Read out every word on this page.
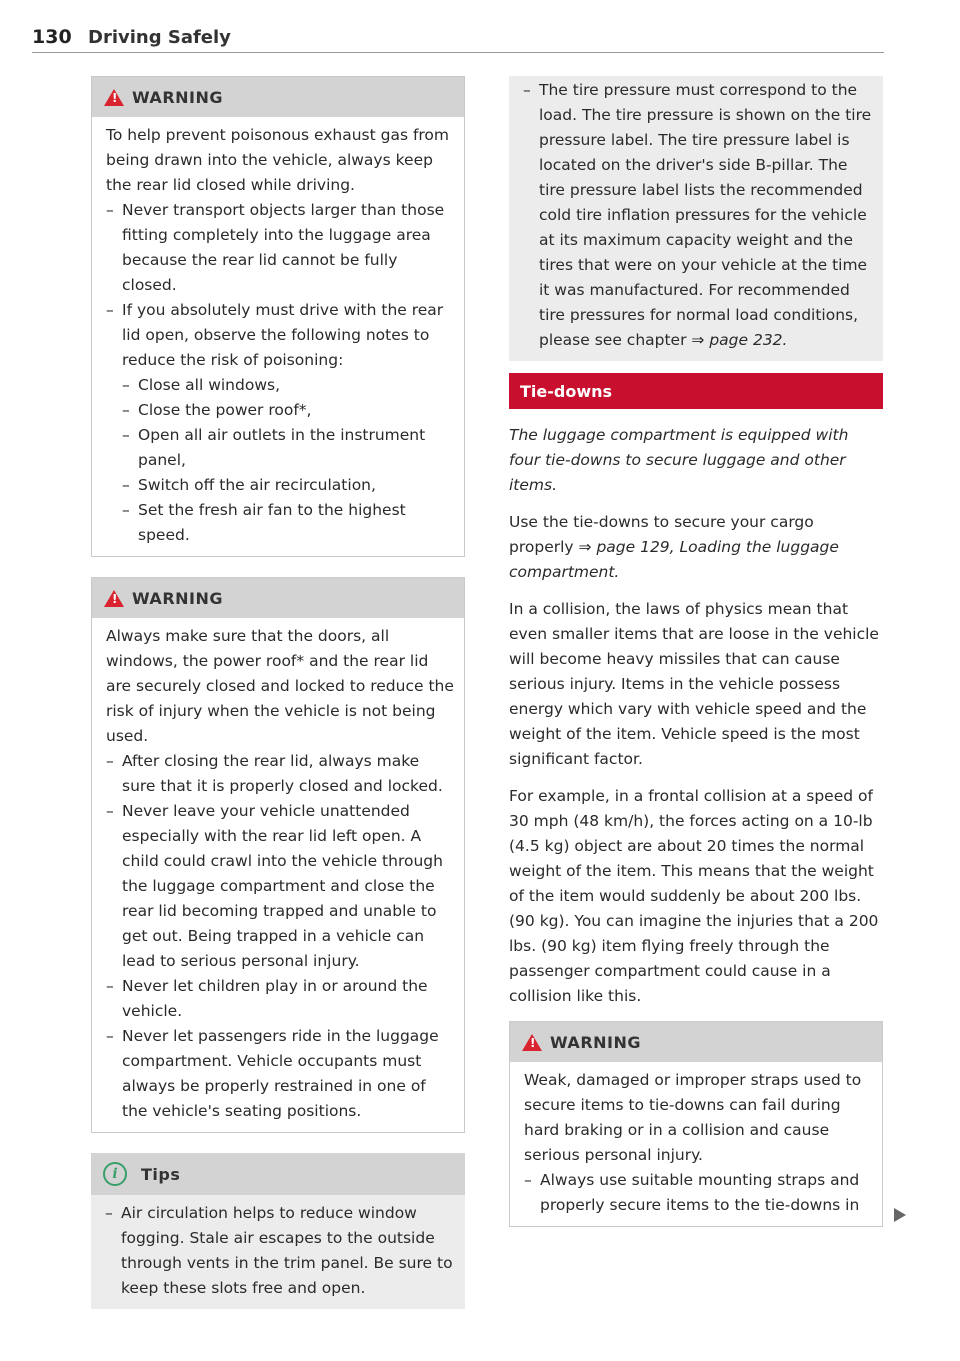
130 Driving Safely
!
WARNING

To help prevent poisonous exhaust gas from being drawn into the vehicle, always keep the rear lid closed while driving.

– Never transport objects larger than those fitting completely into the luggage area because the rear lid cannot be fully closed.
– If you absolutely must drive with the rear lid open, observe the following notes to reduce the risk of poisoning:
– Close all windows,
– Close the power roof*,
– Open all air outlets in the instrument panel,
– Switch off the air recirculation,
– Set the fresh air fan to the highest speed.
!
WARNING

Always make sure that the doors, all windows, the power roof* and the rear lid are securely closed and locked to reduce the risk of injury when the vehicle is not being used.

– After closing the rear lid, always make sure that it is properly closed and locked.
– Never leave your vehicle unattended especially with the rear lid left open. A child could crawl into the vehicle through the luggage compartment and close the rear lid becoming trapped and unable to get out. Being trapped in a vehicle can lead to serious personal injury.
– Never let children play in or around the vehicle.
– Never let passengers ride in the luggage compartment. Vehicle occupants must always be properly restrained in one of the vehicle's seating positions.
i	Tips
– Air circulation helps to reduce window fogging. Stale air escapes to the outside through vents in the trim panel. Be sure to keep these slots free and open.
– The tire pressure must correspond to the load. The tire pressure is shown on the tire pressure label. The tire pressure label is located on the driver's side B-pillar. The tire pressure label lists the recommended cold tire inflation pressures for the vehicle at its maximum capacity weight and the tires that were on your vehicle at the time it was manufactured. For recommended tire pressures for normal load conditions, please see chapter ⇒ page 232.
Tie-downs

The luggage compartment is equipped with four tie-downs to secure luggage and other items.

Use the tie-downs to secure your cargo properly ⇒ page 129, Loading the luggage compartment.

In a collision, the laws of physics mean that even smaller items that are loose in the vehicle will become heavy missiles that can cause serious injury. Items in the vehicle possess energy which vary with vehicle speed and the weight of the item. Vehicle speed is the most significant factor.

For example, in a frontal collision at a speed of 30 mph (48 km/h), the forces acting on a 10-lb (4.5 kg) object are about 20 times the normal weight of the item. This means that the weight of the item would suddenly be about 200 lbs. (90 kg). You can imagine the injuries that a 200 lbs. (90 kg) item flying freely through the passenger compartment could cause in a collision like this.

!
WARNING

Weak, damaged or improper straps used to secure items to tie-downs can fail during hard braking or in a collision and cause serious personal injury.

– Always use suitable mounting straps and properly secure items to the tie-downs in
